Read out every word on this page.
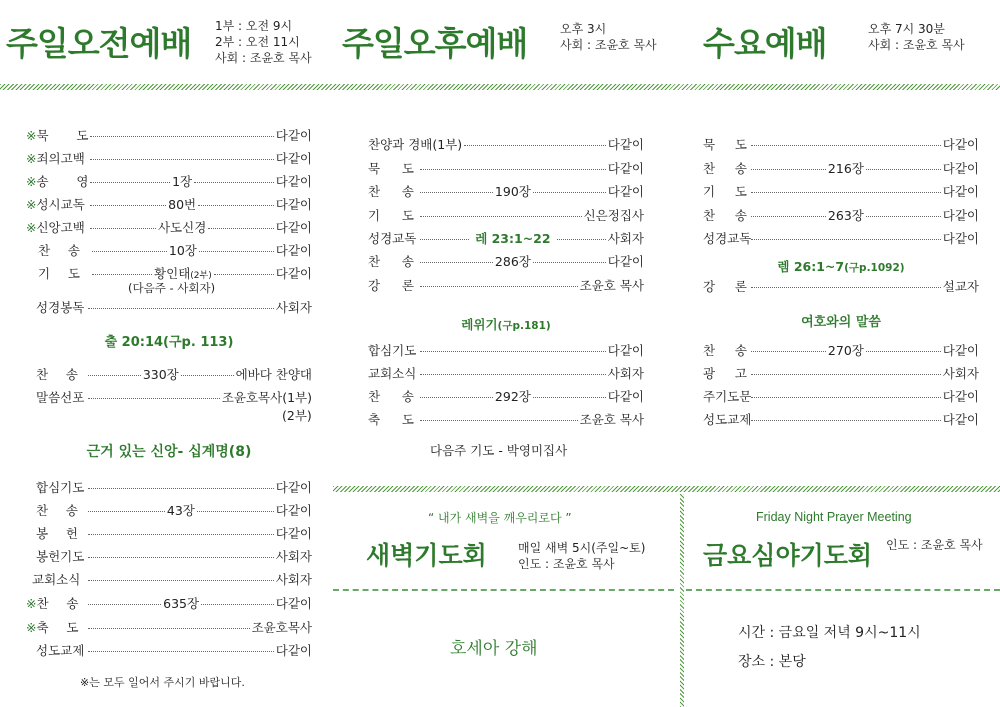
주일오전예배 1부 : 오전 9시
2부 : 오전 11시
사회 : 조윤호 목사 주일오후예배	오후 3시
사회 : 조윤호 목사 수요예배	오후 7시 30분
사회 : 조윤호 목사
※ 묵 도	다같이
※ 죄의고백	다같이
※ 송 영	1장	다같이
※ 성시교독	80번	다같이
※ 신앙고백	사도신경	다같이
찬 송	10장	다같이
기 도	황인태(2부)	다같이
(다음주 - 사회자)
성경봉독	사회자
출 20:14(구p. 113)
찬 송	330장	에바다 찬양대
말씀선포	조윤호목사(1부)
(2부)
근거 있는 신앙- 십계명(8)
합심기도	다같이
찬 송	43장	다같이
봉 헌	다같이
봉헌기도	사회자
교회소식	사회자
※ 찬 송	635장	다같이
※ 축 도	조윤호목사
성도교제	다같이
※는 모두 일어서 주시기 바랍니다.
찬양과 경배(1부)	다같이
묵 도	다같이
찬 송	190장	다같이
기 도	신은정집사
성경교독	레 23:1~22	사회자
찬 송	286장	다같이
강 론	조윤호 목사
레위기(구p.181)
합심기도	다같이
교회소식	사회자
찬 송	292장	다같이
축 도	조윤호 목사
다음주 기도 - 박영미집사
묵 도	다같이
찬 송	216장	다같이
기 도	다같이
찬 송	263장	다같이
성경교독	다같이
렘 26:1~7(구p.1092)
강 론	설교자
여호와의 말씀
찬 송	270장	다같이
광 고	사회자
주기도문	다같이
성도교제	다같이
“ 내가 새벽을 깨우리로다 ”
새벽기도회	매일 새벽 5시(주일~토)
인도 : 조윤호 목사
호세아 강해
Friday Night Prayer Meeting
금요심야기도회 인도 : 조윤호 목사
시간 : 금요일 저녁 9시~11시
장소 : 본당
